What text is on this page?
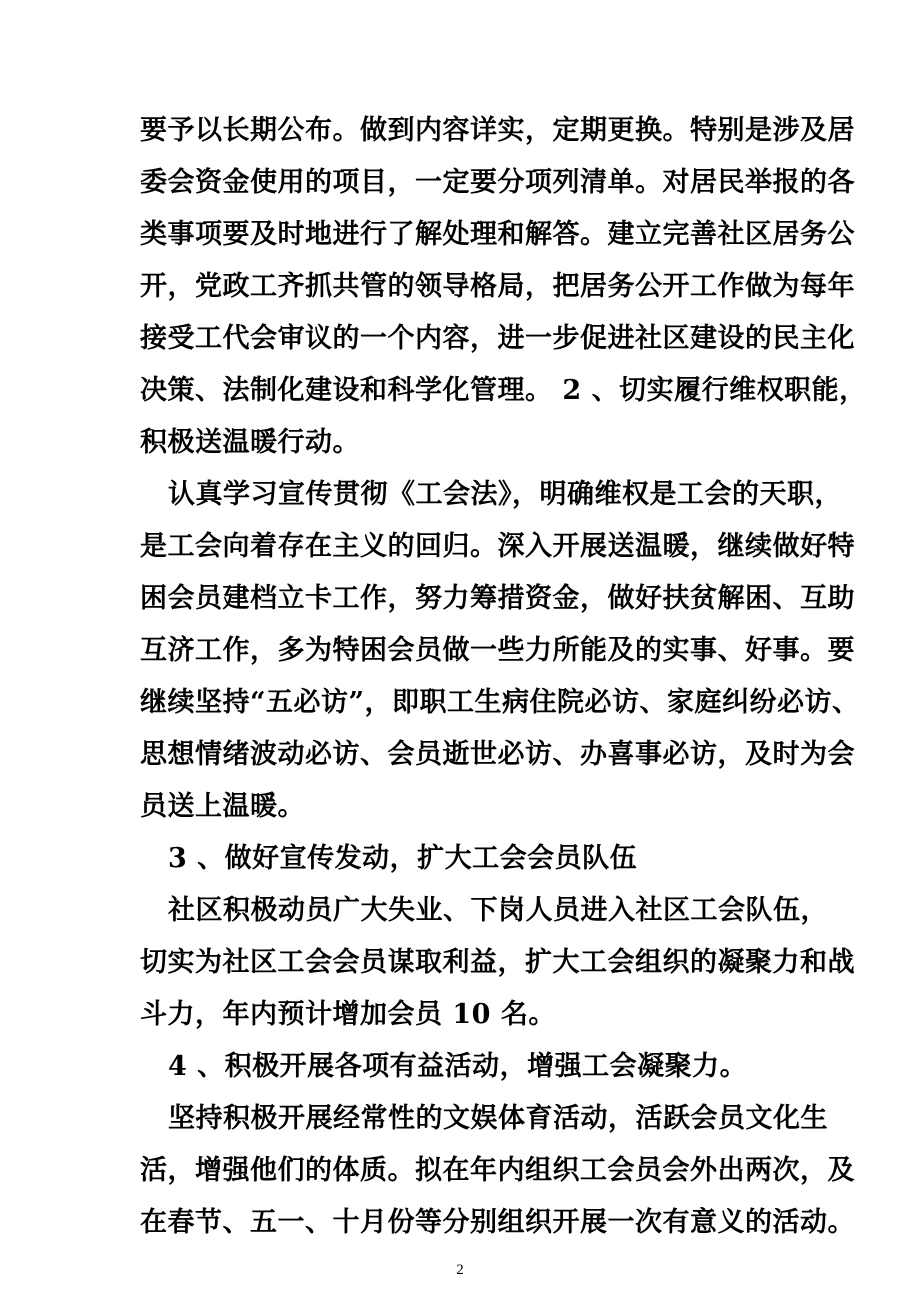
要予以长期公布。做到内容详实，定期更换。特别是涉及居
委会资金使用的项目，一定要分项列清单。对居民举报的各
类事项要及时地进行了解处理和解答。建立完善社区居务公
开，党政工齐抓共管的领导格局，把居务公开工作做为每年
接受工代会审议的一个内容，进一步促进社区建设的民主化
决策、法制化建设和科学化管理。 2 、切实履行维权职能，
积极送温暖行动。
认真学习宣传贯彻《工会法》，明确维权是工会的天职，
是工会向着存在主义的回归。深入开展送温暖，继续做好特
困会员建档立卡工作，努力筹措资金，做好扶贫解困、互助
互济工作，多为特困会员做一些力所能及的实事、好事。要
继续坚持“五必访”，即职工生病住院必访、家庭纠纷必访、
思想情绪波动必访、会员逝世必访、办喜事必访，及时为会
员送上温暖。
3 、做好宣传发动，扩大工会会员队伍
社区积极动员广大失业、下岗人员进入社区工会队伍，
切实为社区工会会员谋取利益，扩大工会组织的凝聚力和战
斗力，年内预计增加会员 10 名。
4 、积极开展各项有益活动，增强工会凝聚力。
坚持积极开展经常性的文娱体育活动，活跃会员文化生
活，增强他们的体质。拟在年内组织工会员会外出两次，及
在春节、五一、十月份等分别组织开展一次有意义的活动。
2
